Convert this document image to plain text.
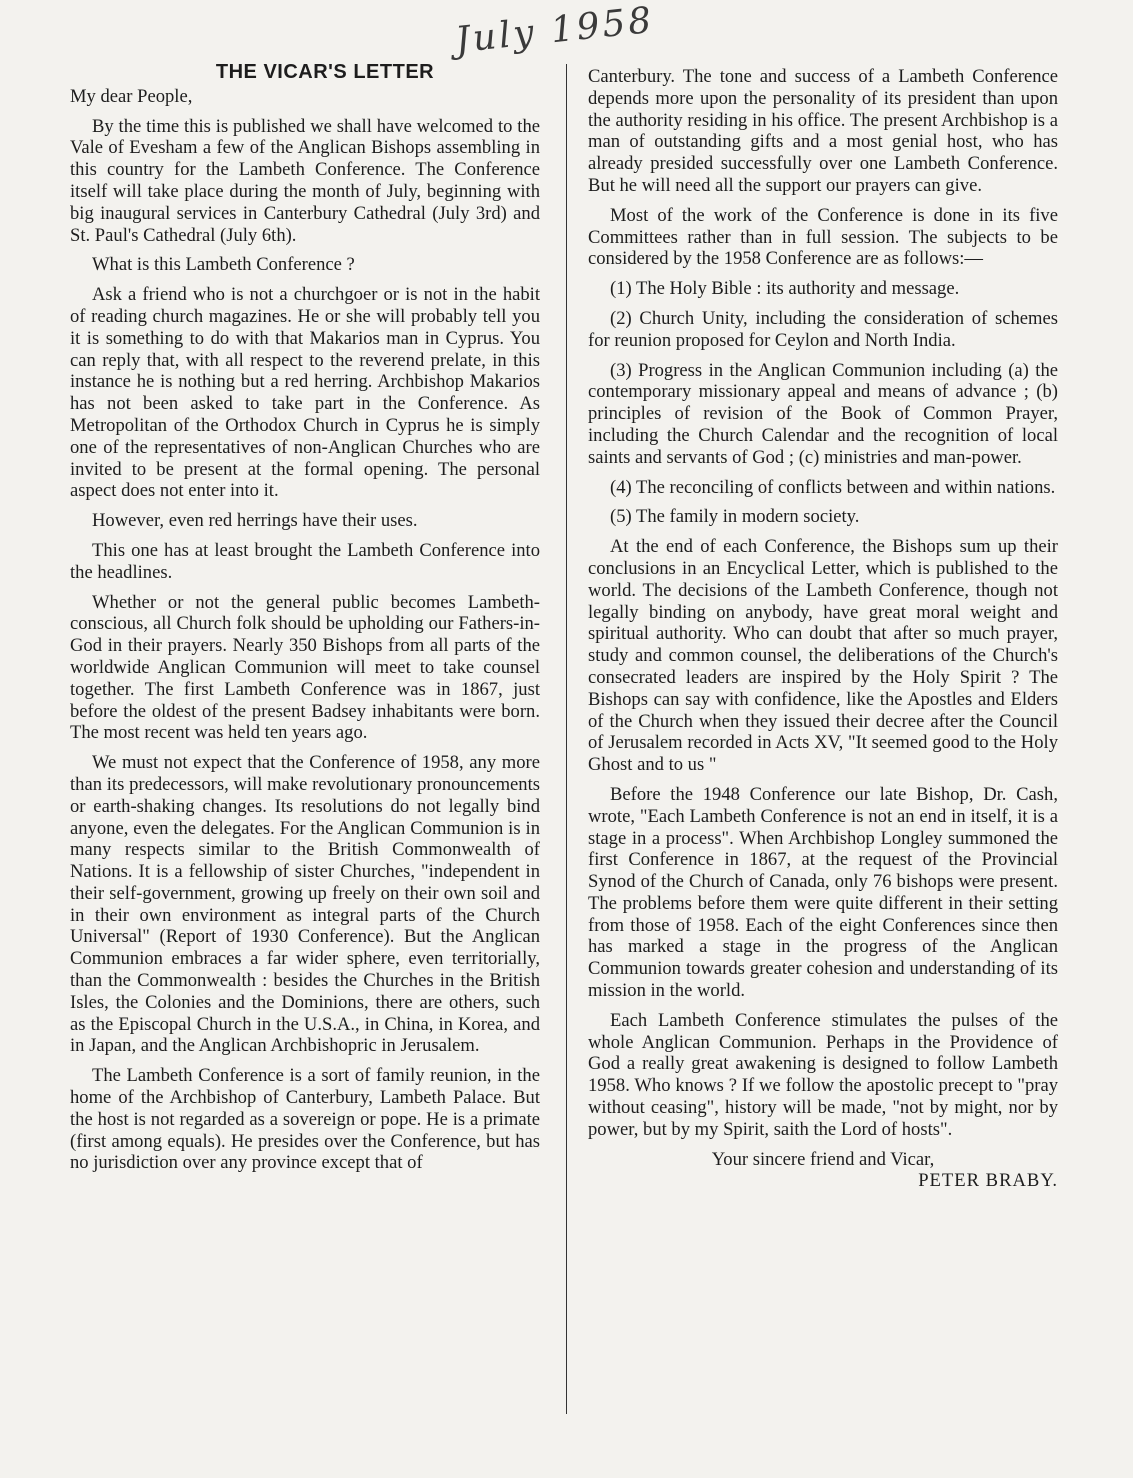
July 1958
THE VICAR'S LETTER
My dear People,

By the time this is published we shall have welcomed to the Vale of Evesham a few of the Anglican Bishops assembling in this country for the Lambeth Conference. The Conference itself will take place during the month of July, beginning with big inaugural services in Canterbury Cathedral (July 3rd) and St. Paul's Cathedral (July 6th).

What is this Lambeth Conference ?

Ask a friend who is not a churchgoer or is not in the habit of reading church magazines. He or she will probably tell you it is something to do with that Makarios man in Cyprus. You can reply that, with all respect to the reverend prelate, in this instance he is nothing but a red herring. Archbishop Makarios has not been asked to take part in the Conference. As Metropolitan of the Orthodox Church in Cyprus he is simply one of the representatives of non-Anglican Churches who are invited to be present at the formal opening. The personal aspect does not enter into it.

However, even red herrings have their uses.

This one has at least brought the Lambeth Conference into the headlines.

Whether or not the general public becomes Lambeth-conscious, all Church folk should be upholding our Fathers-in-God in their prayers. Nearly 350 Bishops from all parts of the worldwide Anglican Communion will meet to take counsel together. The first Lambeth Conference was in 1867, just before the oldest of the present Badsey inhabitants were born. The most recent was held ten years ago.

We must not expect that the Conference of 1958, any more than its predecessors, will make revolutionary pronouncements or earth-shaking changes. Its resolutions do not legally bind anyone, even the delegates. For the Anglican Communion is in many respects similar to the British Commonwealth of Nations. It is a fellowship of sister Churches, "independent in their self-government, growing up freely on their own soil and in their own environment as integral parts of the Church Universal" (Report of 1930 Conference). But the Anglican Communion embraces a far wider sphere, even territorially, than the Commonwealth : besides the Churches in the British Isles, the Colonies and the Dominions, there are others, such as the Episcopal Church in the U.S.A., in China, in Korea, and in Japan, and the Anglican Archbishopric in Jerusalem.

The Lambeth Conference is a sort of family reunion, in the home of the Archbishop of Canterbury, Lambeth Palace. But the host is not regarded as a sovereign or pope. He is a primate (first among equals). He presides over the Conference, but has no jurisdiction over any province except that of

Canterbury. The tone and success of a Lambeth Conference depends more upon the personality of its president than upon the authority residing in his office. The present Archbishop is a man of outstanding gifts and a most genial host, who has already presided successfully over one Lambeth Conference. But he will need all the support our prayers can give.

Most of the work of the Conference is done in its five Committees rather than in full session. The subjects to be considered by the 1958 Conference are as follows:—

(1) The Holy Bible : its authority and message.

(2) Church Unity, including the consideration of schemes for reunion proposed for Ceylon and North India.

(3) Progress in the Anglican Communion including (a) the contemporary missionary appeal and means of advance ; (b) principles of revision of the Book of Common Prayer, including the Church Calendar and the recognition of local saints and servants of God ; (c) ministries and man-power.

(4) The reconciling of conflicts between and within nations.

(5) The family in modern society.

At the end of each Conference, the Bishops sum up their conclusions in an Encyclical Letter, which is published to the world. The decisions of the Lambeth Conference, though not legally binding on anybody, have great moral weight and spiritual authority. Who can doubt that after so much prayer, study and common counsel, the deliberations of the Church's consecrated leaders are inspired by the Holy Spirit ? The Bishops can say with confidence, like the Apostles and Elders of the Church when they issued their decree after the Council of Jerusalem recorded in Acts XV, "It seemed good to the Holy Ghost and to us "

Before the 1948 Conference our late Bishop, Dr. Cash, wrote, "Each Lambeth Conference is not an end in itself, it is a stage in a process". When Archbishop Longley summoned the first Conference in 1867, at the request of the Provincial Synod of the Church of Canada, only 76 bishops were present. The problems before them were quite different in their setting from those of 1958. Each of the eight Conferences since then has marked a stage in the progress of the Anglican Communion towards greater cohesion and understanding of its mission in the world.

Each Lambeth Conference stimulates the pulses of the whole Anglican Communion. Perhaps in the Providence of God a really great awakening is designed to follow Lambeth 1958. Who knows ? If we follow the apostolic precept to "pray without ceasing", history will be made, "not by might, nor by power, but by my Spirit, saith the Lord of hosts".

Your sincere friend and Vicar,

PETER BRABY.
